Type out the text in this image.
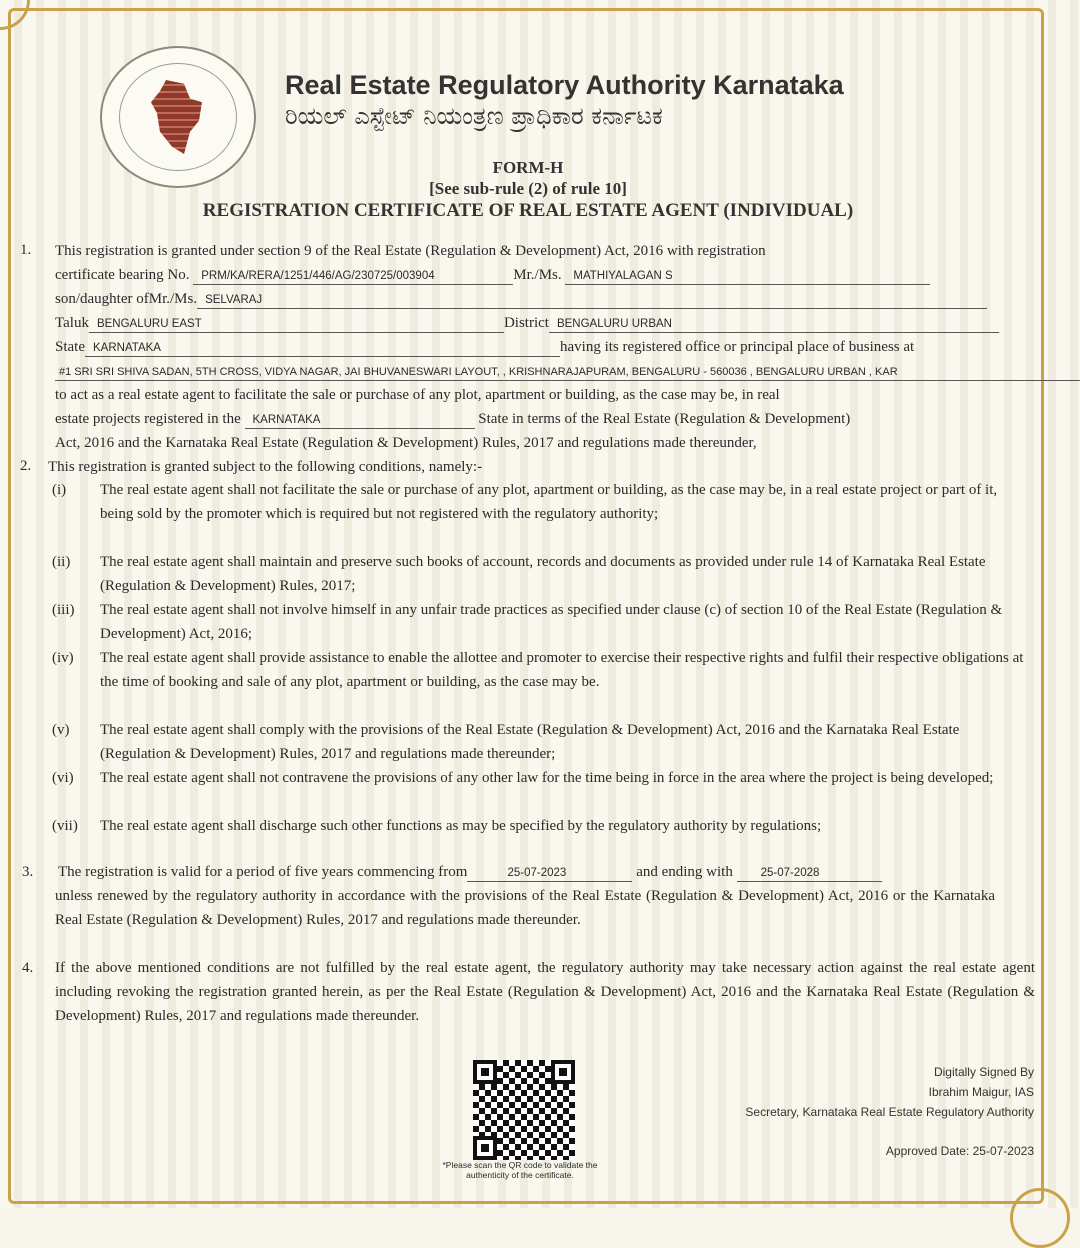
Real Estate Regulatory Authority Karnataka
ರಿಯಲ್ ಎಸ್ಟೇಟ್ ನಿಯಂತ್ರಣ ಪ್ರಾಧಿಕಾರ ಕರ್ನಾಟಕ
FORM-H
[See sub-rule (2) of rule 10]
REGISTRATION CERTIFICATE OF REAL ESTATE AGENT (INDIVIDUAL)
1. This registration is granted under section 9 of the Real Estate (Regulation & Development) Act, 2016 with registration
certificate bearing No. PRM/KA/RERA/1251/446/AG/230725/003904	Mr./Ms. MATHIYALAGAN S
son/daughter ofMr./Ms. SELVARAJ
Taluk BENGALURU EAST	District BENGALURU URBAN
State KARNATAKA	having its registered office or principal place of business at
#1 SRI SRI SHIVA SADAN, 5TH CROSS, VIDYA NAGAR, JAI BHUVANESWARI LAYOUT, , KRISHNARAJAPURAM, BENGALURU - 560036 , BENGALURU URBAN , KAR
to act as a real estate agent to facilitate the sale or purchase of any plot, apartment or building, as the case may be, in real
estate projects registered in the KARNATAKA	State in terms of the Real Estate (Regulation & Development)
Act, 2016 and the Karnataka Real Estate (Regulation & Development) Rules, 2017 and regulations made thereunder,
2. This registration is granted subject to the following conditions, namely:-
(i) The real estate agent shall not facilitate the sale or purchase of any plot, apartment or building, as the case may be, in a real estate project or part of it, being sold by the promoter which is required but not registered with the regulatory authority;
(ii) The real estate agent shall maintain and preserve such books of account, records and documents as provided under rule 14 of Karnataka Real Estate (Regulation & Development) Rules, 2017;
(iii) The real estate agent shall not involve himself in any unfair trade practices as specified under clause (c) of section 10 of the Real Estate (Regulation & Development) Act, 2016;
(iv) The real estate agent shall provide assistance to enable the allottee and promoter to exercise their respective rights and fulfil their respective obligations at the time of booking and sale of any plot, apartment or building, as the case may be.
(v) The real estate agent shall comply with the provisions of the Real Estate (Regulation & Development) Act, 2016 and the Karnataka Real Estate (Regulation & Development) Rules, 2017 and regulations made thereunder;
(vi) The real estate agent shall not contravene the provisions of any other law for the time being in force in the area where the project is being developed;
(vii) The real estate agent shall discharge such other functions as may be specified by the regulatory authority by regulations;
3. The registration is valid for a period of five years commencing from	25-07-2023	and ending with 25-07-2028
unless renewed by the regulatory authority in accordance with the provisions of the Real Estate (Regulation & Development) Act, 2016 or the Karnataka Real Estate (Regulation & Development) Rules, 2017 and regulations made thereunder.
4. If the above mentioned conditions are not fulfilled by the real estate agent, the regulatory authority may take necessary action against the real estate agent including revoking the registration granted herein, as per the Real Estate (Regulation & Development) Act, 2016 and the Karnataka Real Estate (Regulation & Development) Rules, 2017 and regulations made thereunder.
*Please scan the QR code to validate the authenticity of the certificate.
Digitally Signed By
Ibrahim Maigur, IAS
Secretary, Karnataka Real Estate Regulatory Authority
Approved Date: 25-07-2023
